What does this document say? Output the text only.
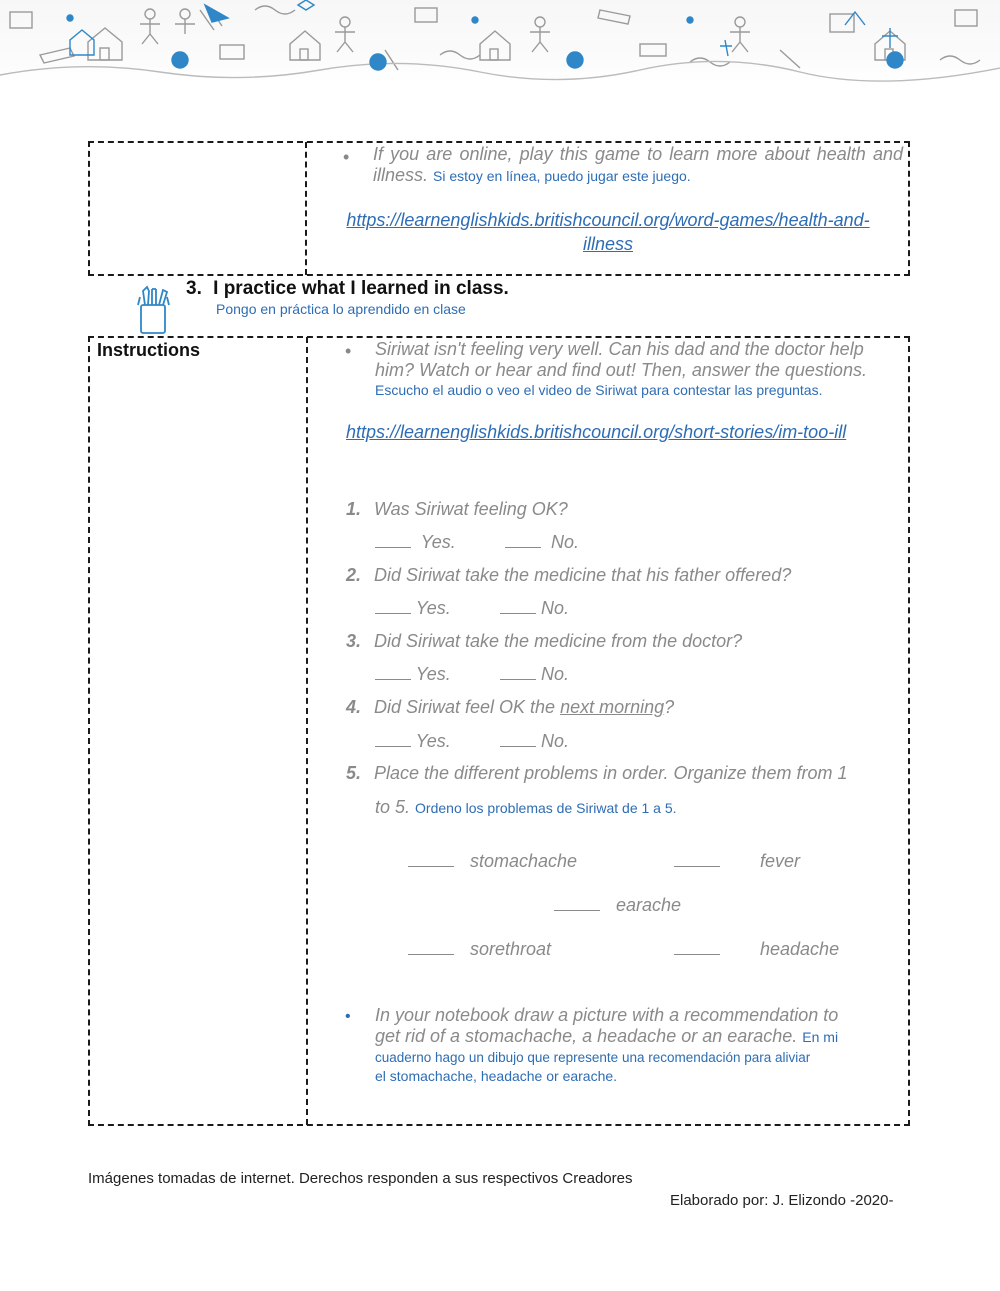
• If you are online, play this game to learn more about health and illness. Si estoy en línea, puedo jugar este juego.
https://learnenglishkids.britishcouncil.org/word-games/health-and-
illness
3. I practice what I learned in class.
Pongo en práctica lo aprendido en clase
Instructions	• Siriwat isn't feeling very well. Can his dad and the doctor help
him? Watch or hear and find out! Then, answer the questions.
Escucho el audio o veo el video de Siriwat para contestar las preguntas.
https://learnenglishkids.britishcouncil.org/short-stories/im-too-ill
1. Was Siriwat feeling OK?
Yes.	No.
2. Did Siriwat take the medicine that his father offered?
Yes.	No.
3. Did Siriwat take the medicine from the doctor?
Yes.	No.
4. Did Siriwat feel OK the next morning?
Yes.	No.
5. Place the different problems in order. Organize them from 1
to 5. Ordeno los problemas de Siriwat de 1 a 5.
stomachache	fever
earache
sorethroat	headache
• In your notebook draw a picture with a recommendation to
get rid of a stomachache, a headache or an earache. En mi
cuaderno hago un dibujo que represente una recomendación para aliviar
el stomachache, headache or earache.
Imágenes tomadas de internet. Derechos responden a sus respectivos Creadores
Elaborado por: J. Elizondo -2020-
